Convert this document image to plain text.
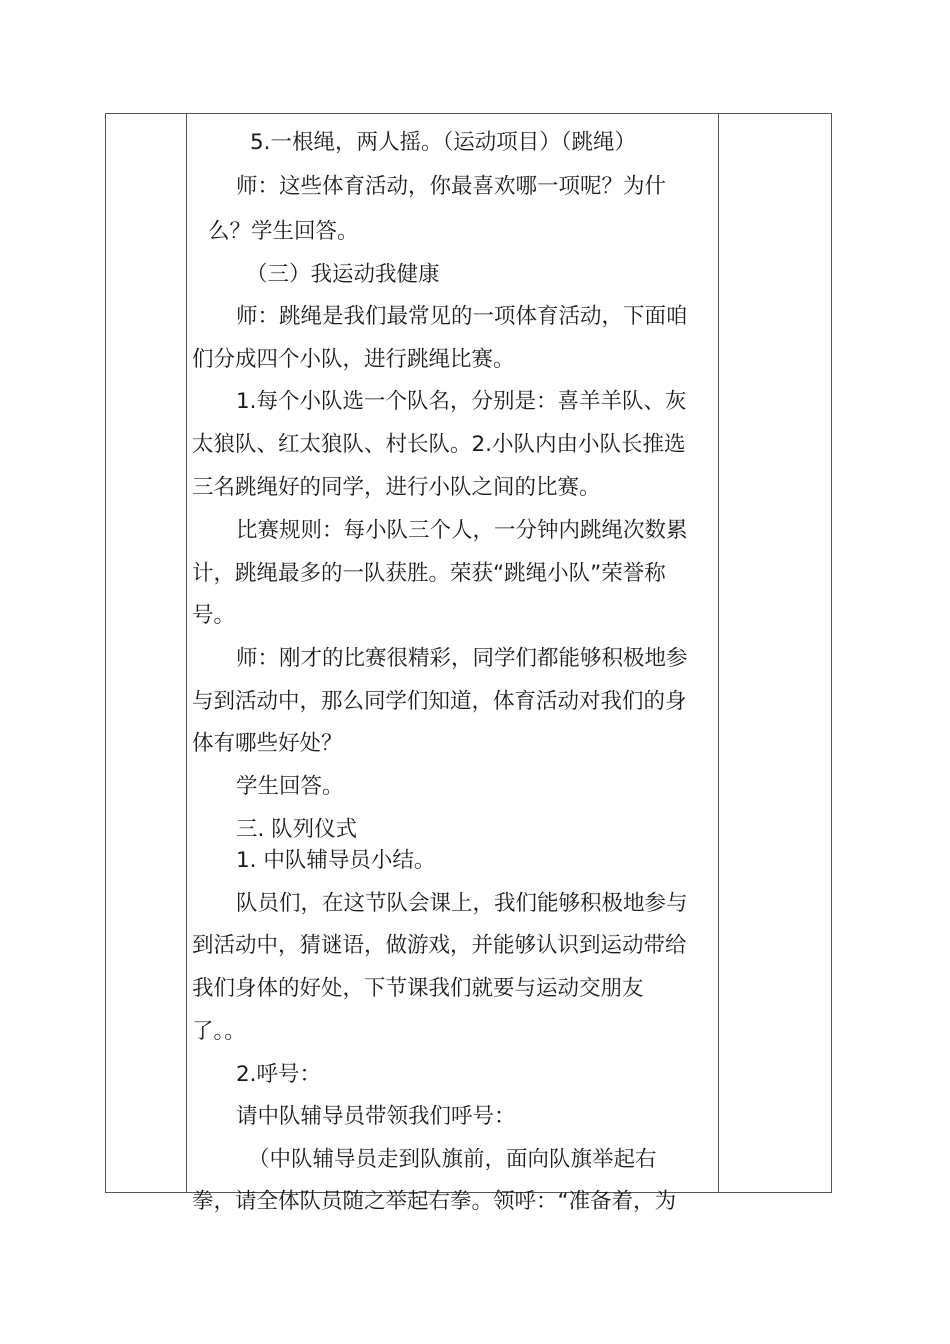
5.一根绳，两人摇。（运动项目）（跳绳）
师：这些体育活动，你最喜欢哪一项呢？为什
么？学生回答。
（三）我运动我健康
师：跳绳是我们最常见的一项体育活动，下面咱
们分成四个小队，进行跳绳比赛。
1.每个小队选一个队名，分别是：喜羊羊队、灰
太狼队、红太狼队、村长队。2.小队内由小队长推选
三名跳绳好的同学，进行小队之间的比赛。
比赛规则：每小队三个人，一分钟内跳绳次数累
计，跳绳最多的一队获胜。荣获“跳绳小队”荣誉称
号。
师：刚才的比赛很精彩，同学们都能够积极地参
与到活动中，那么同学们知道，体育活动对我们的身
体有哪些好处？
学生回答。
三. 队列仪式
1. 中队辅导员小结。
队员们，在这节队会课上，我们能够积极地参与
到活动中，猜谜语，做游戏，并能够认识到运动带给
我们身体的好处，下节课我们就要与运动交朋友
了。。
2.呼号：
请中队辅导员带领我们呼号：
（中队辅导员走到队旗前，面向队旗举起右
拳，请全体队员随之举起右拳。领呼：“准备着，为
